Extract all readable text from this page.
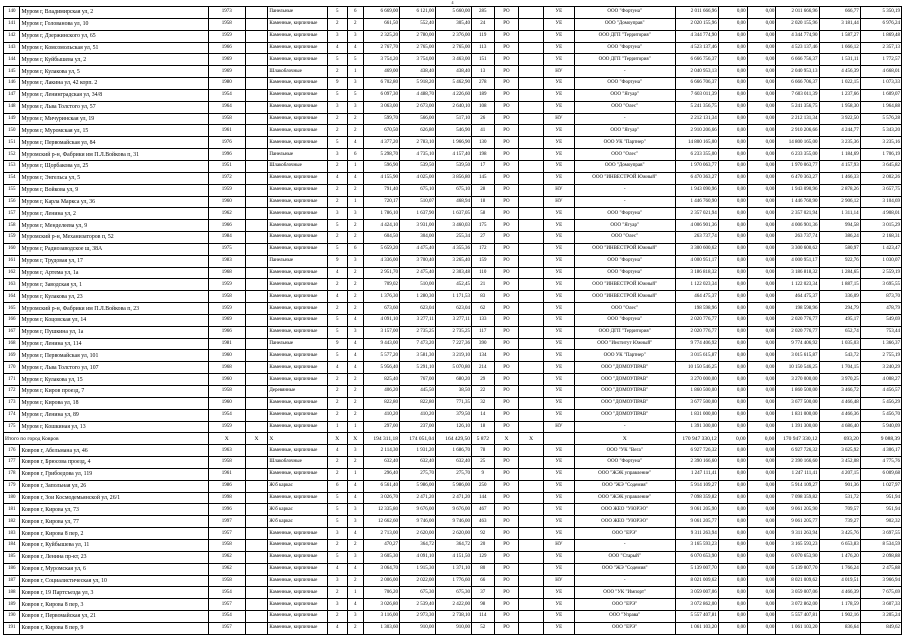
4
140	Муром г, Владимирская ул, 2	1973		Панельные	5	6	6 669,00	6 121,00	5 660,00	285	РО		УЕ	ООО "Фортуна"	2 011 666,96	0,00	0,00	2 011 666,96	666,77	5 350,19
141	Муром г, Голованова ул, 10	1958		Каменные, кирпичные	2	2	661,50	552,40	305,40	24	РО		УЕ	ООО "Домоуправ"	2 020 155,96	0,00	0,00	2 020 155,96	3 181,44	6 976,24
142	Муром г, Дзержинского ул, 65	1959		Каменные, кирпичные	3	3	2 325,20	2 780,00	2 376,00	119	РО		УЕ	ООО ДГП "Территория"	4 344 774,90	0,00	0,00	4 344 774,90	1 587,27	1 869,48
143	Муром г, Комсомольская ул, 51	1966		Каменные, кирпичные	4	4	2 767,70	2 765,00	2 765,00	113	РО		УЕ	ООО "Фортуна"	4 523 137,46	0,00	0,00	4 523 137,46	1 666,12	2 357,13
144	Муром г, Куйбышева ул, 2	1969		Каменные, кирпичные	5	5	3 754,20	3 754,00	3 463,00	151	РО		УЕ	ООО ДГП "Территория"	6 666 756,37	0,00	0,00	6 666 756,37	1 531,11	1 772,57
145	Муром г, Кулакова ул, 5	1969		Шлакоблочные	2	1	469,00	438,40	438,40	13	РО		НУ	-	2 040 953,13	0,00	0,00	2 040 953,13	4 456,39	4 668,01
146	Муром г, Лакина ул, 42 корп. 2	1980		Каменные, кирпичные	9	3	6 702,80	5 918,20	5 462,90	278	РО		УЕ	ООО "Фортуна"	6 666 706,37	0,00	0,00	6 666 706,37	1 022,15	1 073,33
147	Муром г, Ленинградская ул, 34/8	1954		Каменные, кирпичные	5	5	6 097,30	4 488,70	4 226,60	189	РО		УЕ	ООО "Ягуар"	7 603 011,39	0,00	0,00	7 603 011,39	1 237,66	1 609,07
148	Муром г, Льва Толстого ул, 57	1964		Каменные, кирпичные	3	3	3 063,00	2 673,00	2 640,10	108	РО		УЕ	ООО "Олес"	5 241 356,75	0,00	0,00	5 241 356,75	1 958,30	1 964,88
149	Муром г, Мичуринская ул, 19	1958		Каменные, кирпичные	2	2	599,70	566,00	517,10	26	РО		НУ	-	2 212 131,34	0,00	0,00	2 212 131,34	3 922,50	5 576,28
150	Муром г, Муромская ул, 15	1961		Каменные, кирпичные	2	2	670,50	626,80	546,90	41	РО		УЕ	ООО "Ягуар"	2 910 206,66	0,00	0,00	2 910 206,66	4 244,77	5 343,20
151	Муром г, Первомайская ул, 84	1976		Каменные, кирпичные	5	4	4 377,20	2 783,10	1 966,90	130	РО		УЕ	ООО УК "Партнер"	14 800 165,00	0,00	0,00	14 800 165,00	3 235,36	3 235,16
152	Муромский р-н, Фабрики им П.Л.Войкова п, 31	1996		Панельные	3	6	5 298,70	4 735,10	4 157,40	198	РО		УЕ	ООО "Олес"	6 233 355,00	0,00	0,00	6 233 355,00	1 184,69	1 706,19
153	Муром г, Щорбакова ул, 25	1951		Шлакоблочные	2	1	596,90	539,50	539,50	17	РО		УЕ	ООО "Домоуправ"	1 970 063,77	0,00	0,00	1 970 063,77	4 157,93	3 645,82
154	Муром г, Энгельса ул, 5	1972		Каменные, кирпичные	4	4	4 155,90	4 025,00	3 856,80	145	РО		УЕ	ООО "ИНВЕСТРОЙ Южный"	6 470 363,27	0,00	0,00	6 470 363,27	1 466,33	2 002,26
155	Муром г, Войкова ул, 9	1959		Каменные, кирпичные	2	2	791,40	675,10	675,10	28	РО		НУ	-	1 943 090,96	0,00	0,00	1 943 090,96	2 878,26	3 657,75
156	Муром г, Карла Маркса ул, 36	1960		Каменные, кирпичные	2	1	720,17	510,07	468,94	18	РО		НУ	-	1 446 760,90	0,00	0,00	1 446 760,90	2 906,12	3 104,69
157	Муром г, Ленина ул, 2	1962		Каменные, кирпичные	3	3	1 786,10	1 637,90	1 637,05	58	РО		УЕ	ООО "Фортуна"	2 357 021,94	0,00	0,00	2 357 021,94	1 311,14	4 908,01
158	Муром г, Менделеева ул, 9	1966		Каменные, кирпичные	5	2	4 424,10	3 931,00	3 460,03	175	РО		УЕ	ООО "Ягуар"	4 006 901,36	0,00	0,00	4 006 901,36	994,58	3 015,29
159	Муромский р-н, Механизаторов п, 52	1984		Каменные, кирпичные	2	2	604,50	304,00	255,34	27	РО		УЕ	ООО "Олес"	263 737,74	0,00	0,00	263 737,74	386,24	2 168,31
160	Муром г, Радиозаводское ш, 38А	1975		Каменные, кирпичные	5	6	5 659,20	4 475,40	4 355,36	172	РО		УЕ	ООО "ИНВЕСТРОЙ Южный"	3 300 600,62	0,00	0,00	3 300 600,62	580,97	1 423,47
161	Муром г, Трудовая ул, 17	1983		Панельные	9	3	4 336,00	3 700,40	3 265,40	159	РО		УЕ	ООО "Фортуна"	4 000 951,17	0,00	0,00	4 000 951,17	922,76	1 030,07
162	Муром г, Артема ул, 1а	1968		Каменные, кирпичные	4	2	2 951,70	2 475,40	2 303,48	110	РО		УЕ	ООО "Фортуна"	3 186 818,32	0,00	0,00	3 186 818,32	1 284,65	2 559,19
163	Муром г, Заводская ул, 1	1959		Каменные, кирпичные	2	2	709,02	510,00	452,45	21	РО		УЕ	ООО "ИНВЕСТРОЙ Южный"	1 122 023,34	0,00	0,00	1 122 023,34	1 887,15	3 695,55
164	Муром г, Кулакова ул, 23	1958		Каменные, кирпичные	4	2	1 376,30	1 280,30	1 171,53	83	РО		УЕ	ООО "ИНВЕСТРОЙ Южный"	464 475,37	0,00	0,00	464 475,37	336,09	873,70
165	Муромский р-н, Фабрики им П.Л.Войкова п, 23	1959		Каменные, кирпичные	2	2	673,60	623,04	623,04	62	РО		УЕ	ООО "Олес"	198 598,96	0,00	0,00	198 598,96	294,79	478,79
166	Муром г, Коцовская ул, 14	1969		Каменные, кирпичные	5	4	4 091,10	3 277,11	3 277,11	133	РО		УЕ	ООО "Фортуна"	2 020 776,77	0,00	0,00	2 020 776,77	495,17	549,69
167	Муром г, Пушкина ул, 1а	1966		Каменные, кирпичные	5	3	3 157,00	2 735,25	2 735,25	117	РО		УЕ	ООО ДГП "Территория"	2 020 776,77	0,00	0,00	2 020 776,77	652,74	753,44
168	Муром г, Ленина ул, 114	1981		Панельные	9	4	9 443,00	7 473,20	7 227,36	390	РО		УЕ	ООО "Институт Южный"	9 774 406,92	0,00	0,00	9 774 406,92	1 035,03	1 366,37
169	Муром г, Первомайская ул, 101	1960		Каменные, кирпичные	5	4	5 577,20	3 581,30	3 219,10	134	РО		УЕ	ООО УК "Партнер"	3 015 615,87	0,00	0,00	3 015 615,87	543,72	2 755,19
170	Муром г, Льва Толстого ул, 107	1968		Каменные, кирпичные	4	4	5 956,40	5 291,10	5 070,80	214	РО		УЕ	ООО "ДОМОУПРАВ"	10 150 546,25	0,00	0,00	10 150 546,25	1 704,15	3 240,29
171	Муром г, Кулакова ул, 15	1960		Каменные, кирпичные	2	2	825,40	767,00	680,20	29	РО		УЕ	ООО "ДОМОУПРАВ"	3 270 000,00	0,00	0,00	3 270 000,00	3 970,25	4 008,27
172	Муром г, Киров проезд, 7	1958		Деревянные	2	2	406,20	445,50	38,50	22	РО		УЕ	ООО "ДОМОУПРАВ"	1 860 500,00	0,00	0,00	1 860 500,00	3 466,72	4 456,57
173	Муром г, Кирова ул, 18	1960		Каменные, кирпичные	2	2	822,80	822,80	771,35	32	РО		УЕ	ООО "ДОМОУПРАВ"	3 677 500,00	0,00	0,00	3 677 500,00	4 466,48	5 456,29
174	Муром г, Ленина ул, 89	1954		Каменные, кирпичные	2	2	410,20	410,20	379,50	14	РО		УЕ	ООО "ДОМОУПРАВ"	1 831 000,00	0,00	0,00	1 831 000,00	4 466,36	5 456,70
175	Муром г, Кошкиная ул, 13	1959		Каменные, кирпичные	1	1	297,00	237,00	126,10	18	РО		НУ	-	1 391 300,00	0,00	0,00	1 391 300,00	4 686,40	5 940,09
Итого по город Ковров		X	X	X	X	X	194 311,18	174 051,04	164 429,50	5 872	X	X		X	170 947 330,12	0,00	0,00	170 947 330,12	693,20	9 088,39
176	Ковров г, Абельмана ул, 46	1963		Каменные, кирпичные	4	3	2 114,30	1 931,20	1 686,70	78	РО		УЕ	ООО "УК "Вега"	6 927 726,32	0,00	0,00	6 927 726,32	3 625,92	4 306,17
177	Ковров г, Брюсова проезд, 4	1958		Шлакоблочные	2	2	632,40	632,40	632,40	25	РО		УЕ	ООО "Фортуна"	2 390 166,60	0,00	0,00	2 390 166,60	3 452,08	4 775,76
178	Ковров г, Грибоедова ул, 119	1961		Каменные, кирпичные	2	1	296,40	275,70	275,70	9	РО		УЕ	ООО "ЖЭК управление"	1 247 111,41	0,00	0,00	1 247 111,41	4 207,15	6 009,68
179	Ковров г, Запольная ул, 26	1986		Ж/б каркас	6	4	6 561,40	5 986,00	5 986,00	250	РО		УЕ	ООО "ЖЭ "Содемия"	5 914 109,27	0,00	0,00	5 914 109,27	901,36	1 027,97
180	Ковров г, Зои Космодемьянской ул, 26/1	1998		Каменные, кирпичные	5	4	3 026,70	2 471,20	2 471,20	144	РО		УЕ	ООО "ЖЭК управление"	7 098 359,82	0,00	0,00	7 098 359,82	531,72	951,94
181	Ковров г, Кирова ул, 73	1996		Ж/б каркас	5	3	12 335,80	9 676,00	9 676,00	467	РО		УЕ	ООО ЖЕО "УЮРЭО"	9 061 205,90	0,00	0,00	9 061 205,90	709,57	951,94
182	Ковров г, Кирова ул, 77	1997		Ж/б каркас	5	3	12 662,60	9 746,00	9 746,00	463	РО		УЕ	ООО ЖЕО "УЮРЭО"	9 061 205,77	0,00	0,00	9 061 205,77	739,27	902,32
183	Ковров г, Кирова 8 пер, 2	1957		Каменные, кирпичные	3	4	2 713,00	2 620,00	2 620,00	92	РО		УЕ	ООО "ЕРЭ"	9 311 263,94	0,00	0,00	9 311 263,94	3 425,76	3 697,55
184	Ковров г, Куйбышева ул, 11	1958		Каменные, кирпичные	2	2	470,27	364,72	364,72	20	РО		НУ	-	3 165 593,23	0,00	0,00	3 165 593,23	6 653,83	8 534,59
185	Ковров г, Ленина пр-кт, 23	1962		Каменные, кирпичные	5	3	3 605,30	4 091,10	4 151,50	129	РО		УЕ	ООО "Старый"	6 070 653,90	0,00	0,00	6 070 653,90	1 476,20	2 098,88
186	Ковров г, Муромская ул, 6	1962		Каменные, кирпичные	4	4	3 064,70	1 915,30	1 371,10	80	РО		УЕ	ООО "ЖЭ "Содемия"	5 139 007,70	0,00	0,00	5 139 007,70	1 766,24	2 475,88
187	Ковров г, Социалистическая ул, 10	1958		Каменные, кирпичные	3	2	2 006,00	2 022,00	1 776,60	66	РО		НУ	-	8 021 009,62	0,00	0,00	8 021 009,62	4 019,51	3 966,94
188	Ковров г, 19 Партсъезда ул, 3	1954		Каменные, кирпичные	2	1	706,20	675,30	675,30	37	РО		УЕ	ООО "УК "Импорт"	3 059 007,06	0,00	0,00	3 059 007,06	4 466,39	7 675,69
189	Ковров г, Кирова 8 пер, 3	1957		Каменные, кирпичные	3	4	3 026,80	2 539,40	2 422,00	98	РО		УЕ	ООО "ЕРЭ"	3 072 862,00	0,00	0,00	3 072 862,00	1 178,59	3 607,33
190	Ковров г, Первомайская ул, 21	1954		Каменные, кирпичные	2	3	3 116,00	2 973,30	2 738,10	114	РО		УЕ	ООО "Управа"	5 557 407,81	0,00	0,00	5 557 407,81	1 902,16	3 205,24
191	Ковров г, Кирова 8 пер, 9	1957		Каменные, кирпичные	4	2	1 303,60	910,00	910,00	52	РО		УЕ	ООО "ЕРЭ"	1 061 103,20	0,00	0,00	1 061 103,20	836,64	849,62
